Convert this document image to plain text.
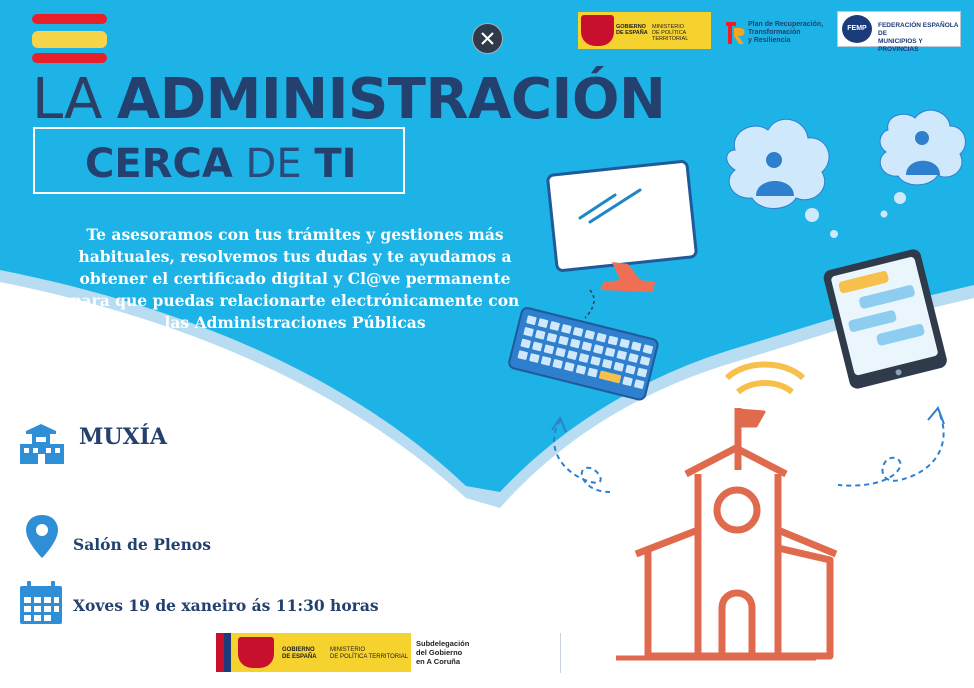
LA ADMINISTRACIÓN
CERCA DE TI
Te asesoramos con tus trámites y gestiones más habituales, resolvemos tus dudas y te ayudamos a obtener el certificado digital y Cl@ve permanente para que puedas relacionarte electrónicamente con las Administraciones Públicas
GOBIERNO
DE ESPAÑA
MINISTERIO
DE POLÍTICA TERRITORIAL
Plan de Recuperación,
Transformación
y Resiliencia
FEMP	FEDERACIÓN ESPAÑOLA DE
MUNICIPIOS Y PROVINCIAS
MUXÍA
Salón de Plenos
Xoves 19 de xaneiro ás 11:30 horas
GOBIERNO
DE ESPAÑA
MINISTERIO
DE POLÍTICA TERRITORIAL
Subdelegación
del Gobierno
en A Coruña
